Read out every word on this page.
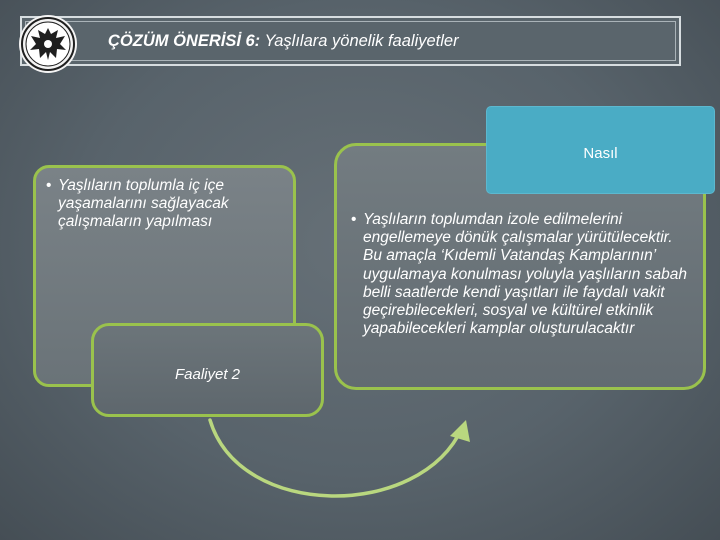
ÇÖZÜM ÖNERİSİ 6: Yaşlılara yönelik faaliyetler
• Yaşlıların toplumla iç içe yaşamalarını sağlayacak çalışmaların yapılması
Faaliyet 2
• Yaşlıların toplumdan izole edilmelerini engellemeye dönük çalışmalar yürütülecektir. Bu amaçla ‘Kıdemli Vatandaş Kamplarının’ uygulamaya konulması yoluyla yaşlıların sabah belli saatlerde kendi yaşıtları ile faydalı vakit geçirebilecekleri, sosyal ve kültürel etkinlik yapabilecekleri kamplar oluşturulacaktır
Nasıl
